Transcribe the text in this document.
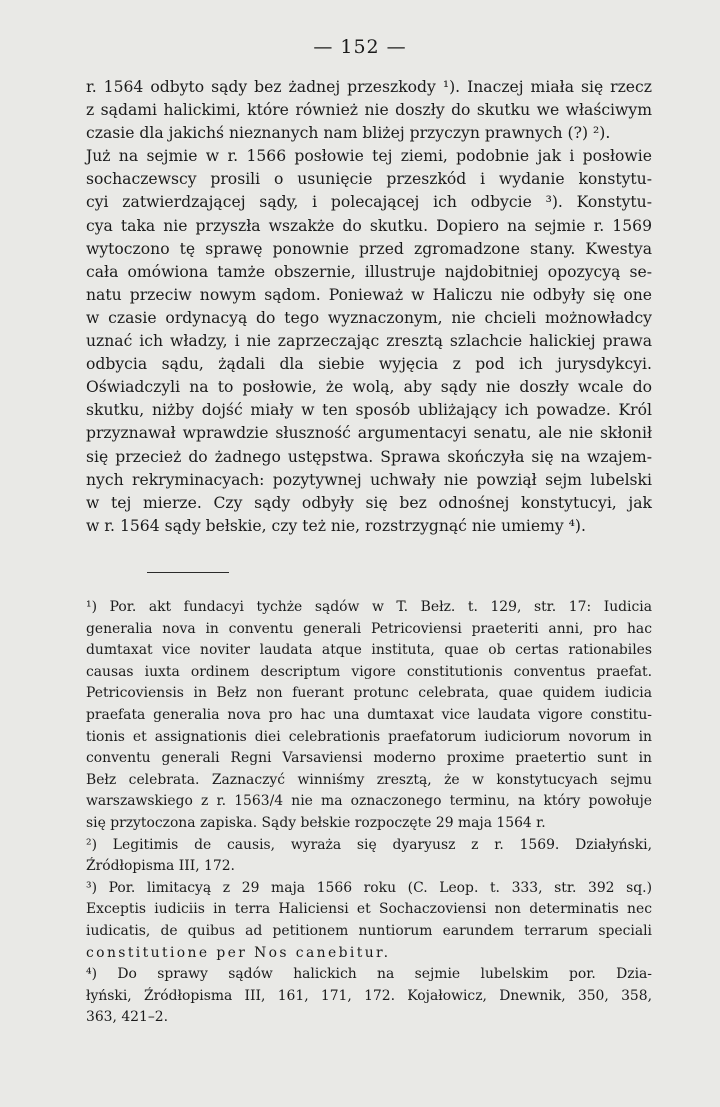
— 152 —
r. 1564 odbyto sądy bez żadnej przeszkody ¹). Inaczej miała się rzecz
z sądami halickimi, które również nie doszły do skutku we właściwym
czasie dla jakichś nieznanych nam bliżej przyczyn prawnych (?) ²).
Już na sejmie w r. 1566 posłowie tej ziemi, podobnie jak i posłowie
sochaczewscy prosili o usunięcie przeszkód i wydanie konstytu-
cyi zatwierdzającej sądy, i polecającej ich odbycie ³). Konstytu-
cya taka nie przyszła wszakże do skutku. Dopiero na sejmie r. 1569
wytoczono tę sprawę ponownie przed zgromadzone stany. Kwestya
cała omówiona tamże obszernie, illustruje najdobitniej opozycyą se-
natu przeciw nowym sądom. Ponieważ w Haliczu nie odbyły się one
w czasie ordynacyą do tego wyznaczonym, nie chcieli możnowładcy
uznać ich władzy, i nie zaprzeczając zresztą szlachcie halickiej prawa
odbycia sądu, żądali dla siebie wyjęcia z pod ich jurysdykcyi.
Oświadczyli na to posłowie, że wolą, aby sądy nie doszły wcale do
skutku, niżby dojść miały w ten sposób ubliżający ich powadze. Król
przyznawał wprawdzie słuszność argumentacyi senatu, ale nie skłonił
się przecież do żadnego ustępstwa. Sprawa skończyła się na wzajem-
nych rekryminacyach: pozytywnej uchwały nie powziął sejm lubelski
w tej mierze. Czy sądy odbyły się bez odnośnej konstytucyi, jak
w r. 1564 sądy bełskie, czy też nie, rozstrzygnąć nie umiemy ⁴).
¹) Por. akt fundacyi tychże sądów w T. Bełz. t. 129, str. 17: Iudicia
generalia nova in conventu generali Petricoviensi praeteriti anni, pro hac
dumtaxat vice noviter laudata atque instituta, quae ob certas rationabiles
causas iuxta ordinem descriptum vigore constitutionis conventus praefat.
Petricoviensis in Bełz non fuerant protunc celebrata, quae quidem iudicia
praefata generalia nova pro hac una dumtaxat vice laudata vigore constitu-
tionis et assignationis diei celebrationis praefatorum iudiciorum novorum in
conventu generali Regni Varsaviensi moderno proxime praetertio sunt in
Bełz celebrata. Zaznaczyć winniśmy zresztą, że w konstytucyach sejmu
warszawskiego z r. 1563/4 nie ma oznaczonego terminu, na który powołuje
się przytoczona zapiska. Sądy bełskie rozpoczęte 29 maja 1564 r.
²) Legitimis de causis, wyraża się dyaryusz z r. 1569. Działyński,
Źródłopisma III, 172.
³) Por. limitacyą z 29 maja 1566 roku (C. Leop. t. 333, str. 392 sq.)
Exceptis iudiciis in terra Haliciensi et Sochaczoviensi non determinatis nec
iudicatis, de quibus ad petitionem nuntiorum earundem terrarum speciali
constitutione per Nos canebitur.
⁴) Do sprawy sądów halickich na sejmie lubelskim por. Dzia-
łyński, Źródłopisma III, 161, 171, 172. Kojałowicz, Dnewnik, 350, 358,
363, 421–2.
